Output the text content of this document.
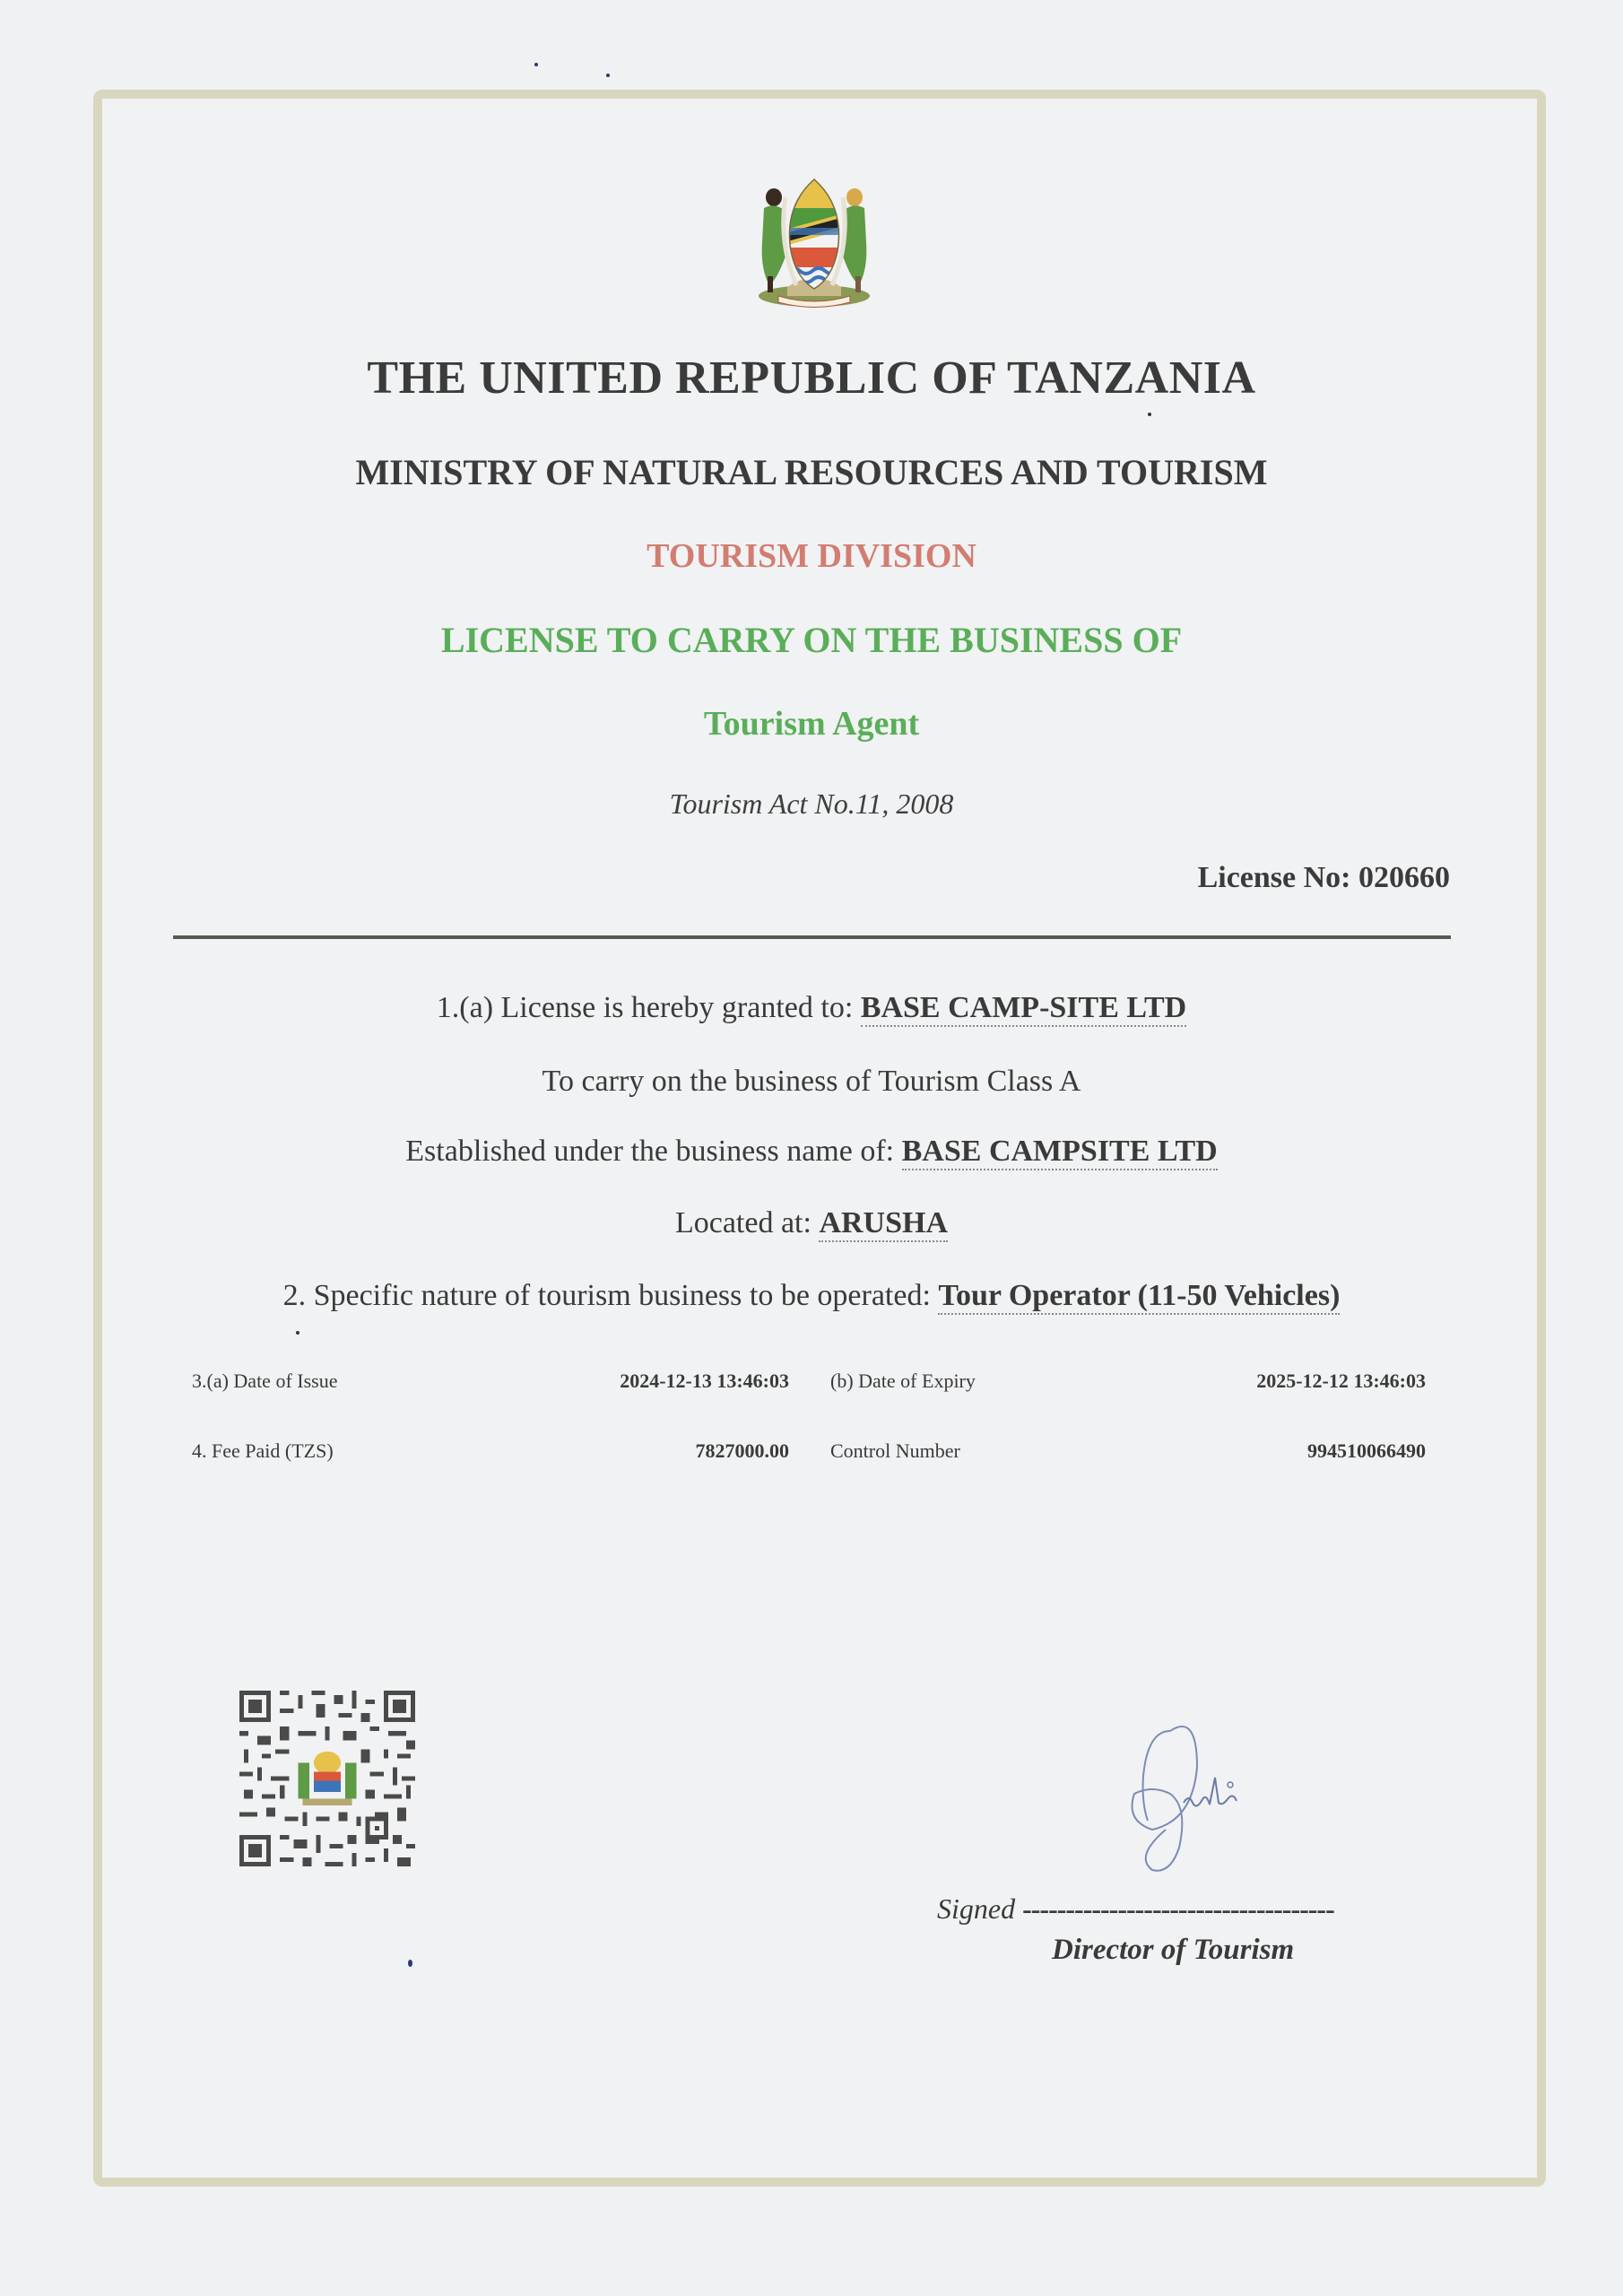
THE UNITED REPUBLIC OF TANZANIA
MINISTRY OF NATURAL RESOURCES AND TOURISM
TOURISM DIVISION
LICENSE TO CARRY ON THE BUSINESS OF
Tourism Agent
Tourism Act No.11, 2008
License No: 020660
1.(a) License is hereby granted to: BASE CAMP-SITE LTD
To carry on the business of Tourism Class A
Established under the business name of: BASE CAMPSITE LTD
Located at: ARUSHA
2. Specific nature of tourism business to be operated: Tour Operator (11-50 Vehicles)
3.(a) Date of Issue	2024-12-13 13:46:03 (b) Date of Expiry	2025-12-12 13:46:03
4. Fee Paid (TZS)	7827000.00 Control Number	994510066490
Signed ------------------------------------
Director of Tourism
